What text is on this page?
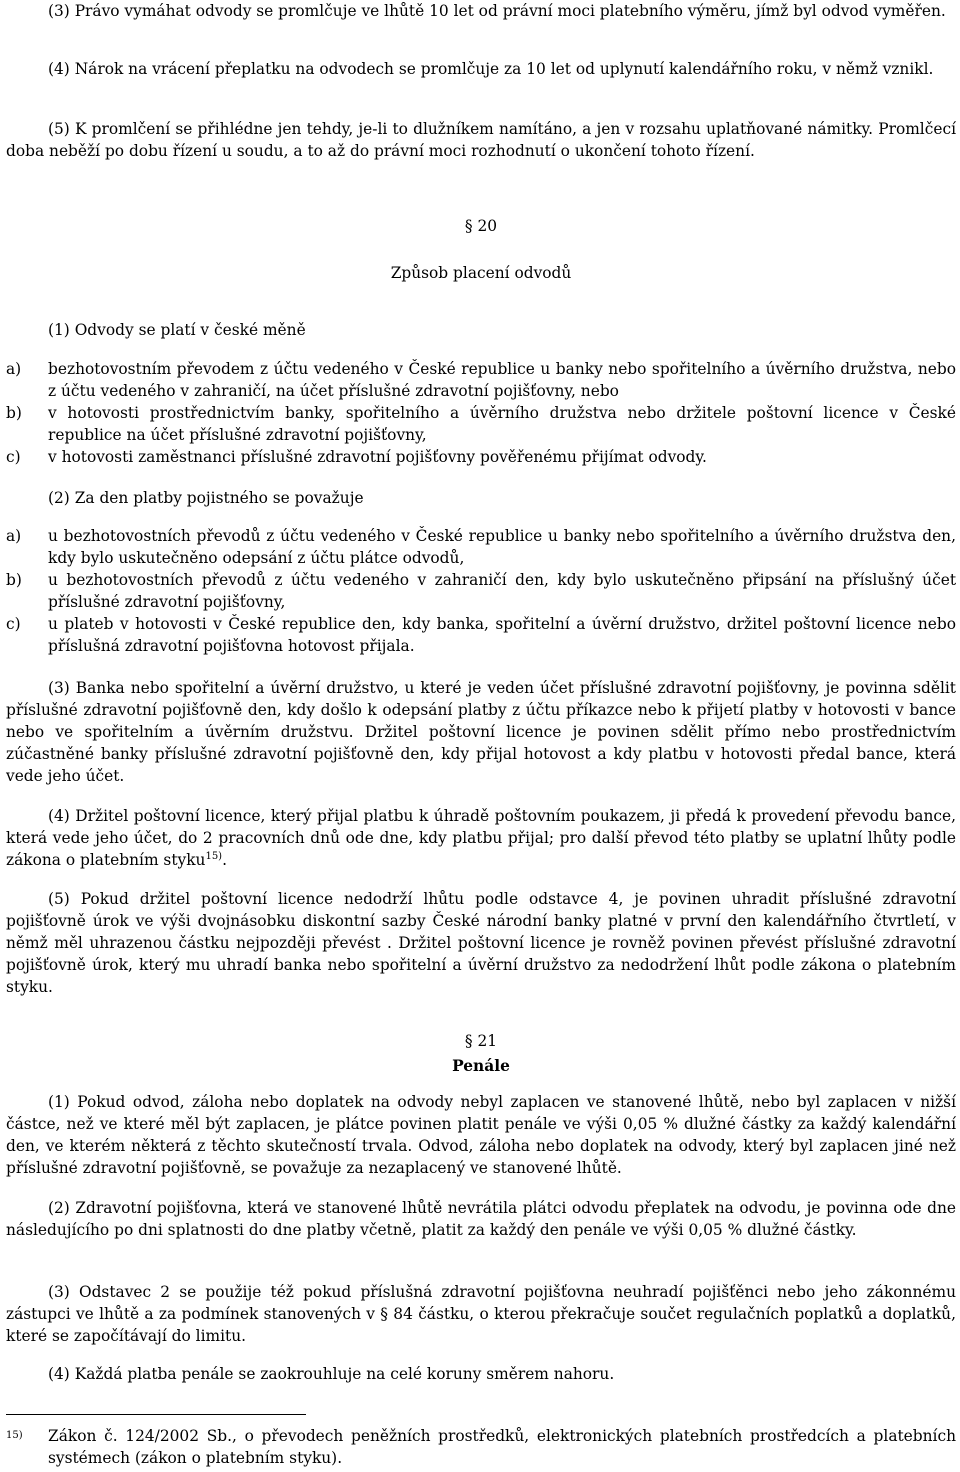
(3) Právo vymáhat odvody se promlčuje ve lhůtě 10 let od právní moci platebního výměru, jímž byl odvod vyměřen.

(4) Nárok na vrácení přeplatku na odvodech se promlčuje za 10 let od uplynutí kalendářního roku, v němž vznikl.

(5) K promlčení se přihlédne jen tehdy, je-li to dlužníkem namítáno, a jen v rozsahu uplatňované námitky. Promlčecí doba neběží po dobu řízení u soudu, a to až do právní moci rozhodnutí o ukončení tohoto řízení.

§ 20

Způsob placení odvodů

(1) Odvody se platí v české měně

a)	bezhotovostním převodem z účtu vedeného v České republice u banky nebo spořitelního a úvěrního družstva, nebo z účtu vedeného v zahraničí, na účet příslušné zdravotní pojišťovny, nebo
b)	v hotovosti prostřednictvím banky, spořitelního a úvěrního družstva nebo držitele poštovní licence v České republice na účet příslušné zdravotní pojišťovny,
c)	v hotovosti zaměstnanci příslušné zdravotní pojišťovny pověřenému přijímat odvody.

(2) Za den platby pojistného se považuje

a)	u bezhotovostních převodů z účtu vedeného v České republice u banky nebo spořitelního a úvěrního družstva den, kdy bylo uskutečněno odepsání z účtu plátce odvodů,
b)	u bezhotovostních převodů z účtu vedeného v zahraničí den, kdy bylo uskutečněno připsání na příslušný účet příslušné zdravotní pojišťovny,
c)	u plateb v hotovosti v České republice den, kdy banka, spořitelní a úvěrní družstvo, držitel poštovní licence nebo příslušná zdravotní pojišťovna hotovost přijala.

(3) Banka nebo spořitelní a úvěrní družstvo, u které je veden účet příslušné zdravotní pojišťovny, je povinna sdělit příslušné zdravotní pojišťovně den, kdy došlo k odepsání platby z účtu příkazce nebo k přijetí platby v hotovosti v bance nebo ve spořitelním a úvěrním družstvu. Držitel poštovní licence je povinen sdělit přímo nebo prostřednictvím zúčastněné banky příslušné zdravotní pojišťovně den, kdy přijal hotovost a kdy platbu v hotovosti předal bance, která vede jeho účet.

(4) Držitel poštovní licence, který přijal platbu k úhradě poštovním poukazem, ji předá k provedení převodu bance, která vede jeho účet, do 2 pracovních dnů ode dne, kdy platbu přijal; pro další převod této platby se uplatní lhůty podle zákona o platebním styku$^{15)}$.

(5) Pokud držitel poštovní licence nedodrží lhůtu podle odstavce 4, je povinen uhradit příslušné zdravotní pojišťovně úrok ve výši dvojnásobku diskontní sazby České národní banky platné v první den kalendářního čtvrtletí, v němž měl uhrazenou částku nejpozději převést . Držitel poštovní licence je rovněž povinen převést příslušné zdravotní pojišťovně úrok, který mu uhradí banka nebo spořitelní a úvěrní družstvo za nedodržení lhůt podle zákona o platebním styku.

§ 21

Penále

(1) Pokud odvod, záloha nebo doplatek na odvody nebyl zaplacen ve stanovené lhůtě, nebo byl zaplacen v nižší částce, než ve které měl být zaplacen, je plátce povinen platit penále ve výši 0,05 % dlužné částky za každý kalendářní den, ve kterém některá z těchto skutečností trvala. Odvod, záloha nebo doplatek na odvody, který byl zaplacen jiné než příslušné zdravotní pojišťovně, se považuje za nezaplacený ve stanovené lhůtě.

(2) Zdravotní pojišťovna, která ve stanovené lhůtě nevrátila plátci odvodu přeplatek na odvodu, je povinna ode dne následujícího po dni splatnosti do dne platby včetně, platit za každý den penále ve výši 0,05 % dlužné částky.

(3) Odstavec 2 se použije též pokud příslušná zdravotní pojišťovna neuhradí pojišťěnci nebo jeho zákonnému zástupci ve lhůtě a za podmínek stanovených v § 84 částku, o kterou překračuje součet regulačních poplatků a doplatků, které se započítávají do limitu.

(4) Každá platba penále se zaokrouhluje na celé koruny směrem nahoru.

15)	Zákon č. 124/2002 Sb., o převodech peněžních prostředků, elektronických platebních prostředcích a platebních systémech (zákon o platebním styku).
